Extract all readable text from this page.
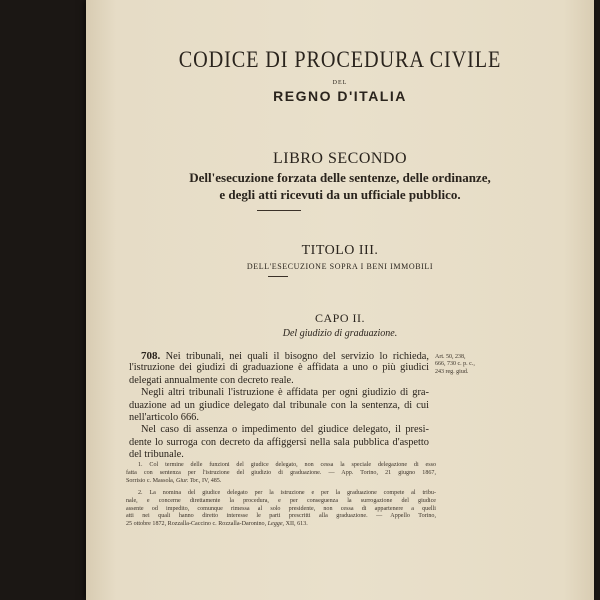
CODICE DI PROCEDURA CIVILE
DEL
REGNO D'ITALIA
LIBRO SECONDO
Dell'esecuzione forzata delle sentenze, delle ordinanze,
e degli atti ricevuti da un ufficiale pubblico.
TITOLO III.
DELL'ESECUZIONE SOPRA I BENI IMMOBILI
CAPO II.
Del giudizio di graduazione.
708. Nei tribunali, nei quali il bisogno del servizio lo richieda,
l'istruzione dei giudizi di graduazione è affidata a uno o più giudici
delegati annualmente con decreto reale.
Negli altri tribunali l'istruzione è affidata per ogni giudizio di gra-
duazione ad un giudice delegato dal tribunale con la sentenza, di cui
nell'articolo 666.
Nel caso di assenza o impedimento del giudice delegato, il presi-
dente lo surroga con decreto da affiggersi nella sala pubblica d'aspetto
del tribunale.
Art. 50, 238,
666, 730 c. p. c.,
243 reg. giud.
1. Col termine delle funzioni del giudice delegato, non cessa la speciale delegazione di esso
fatta con sentenza per l'istruzione del giudizio di graduazione. — App. Torino, 21 giugno 1867,
Sorrisio c. Massola, Giur. Tor., IV, 485.
2. La nomina del giudice delegato per la istruzione e per la graduazione compete al tribu-
nale, e concerne direttamente la procedura, e per conseguenza la surrogazione del giudice
assente od impedito, comunque rimessa al solo presidente, non cessa di appartenere a quelli
atti nei quali hanno diretto interesse le parti prescritti alla graduazione. — Appello Torino,
25 ottobre 1872, Rozzalla-Caccino c. Rozzalla-Daronino, Legge, XII, 613.
